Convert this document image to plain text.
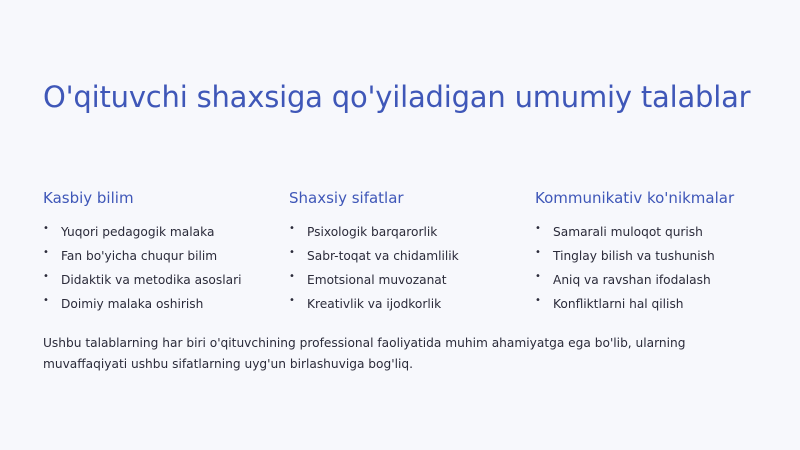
O'qituvchi shaxsiga qo'yiladigan umumiy talablar
Kasbiy bilim
• Yuqori pedagogik malaka
• Fan bo'yicha chuqur bilim
• Didaktik va metodika asoslari
• Doimiy malaka oshirish
Shaxsiy sifatlar
• Psixologik barqarorlik
• Sabr-toqat va chidamlilik
• Emotsional muvozanat
• Kreativlik va ijodkorlik
Kommunikativ ko'nikmalar
• Samarali muloqot qurish
• Tinglay bilish va tushunish
• Aniq va ravshan ifodalash
• Konfliktlarni hal qilish

Ushbu talablarning har biri o'qituvchining professional faoliyatida muhim ahamiyatga ega bo'lib, ularning muvaffaqiyati ushbu sifatlarning uyg'un birlashuviga bog'liq.
